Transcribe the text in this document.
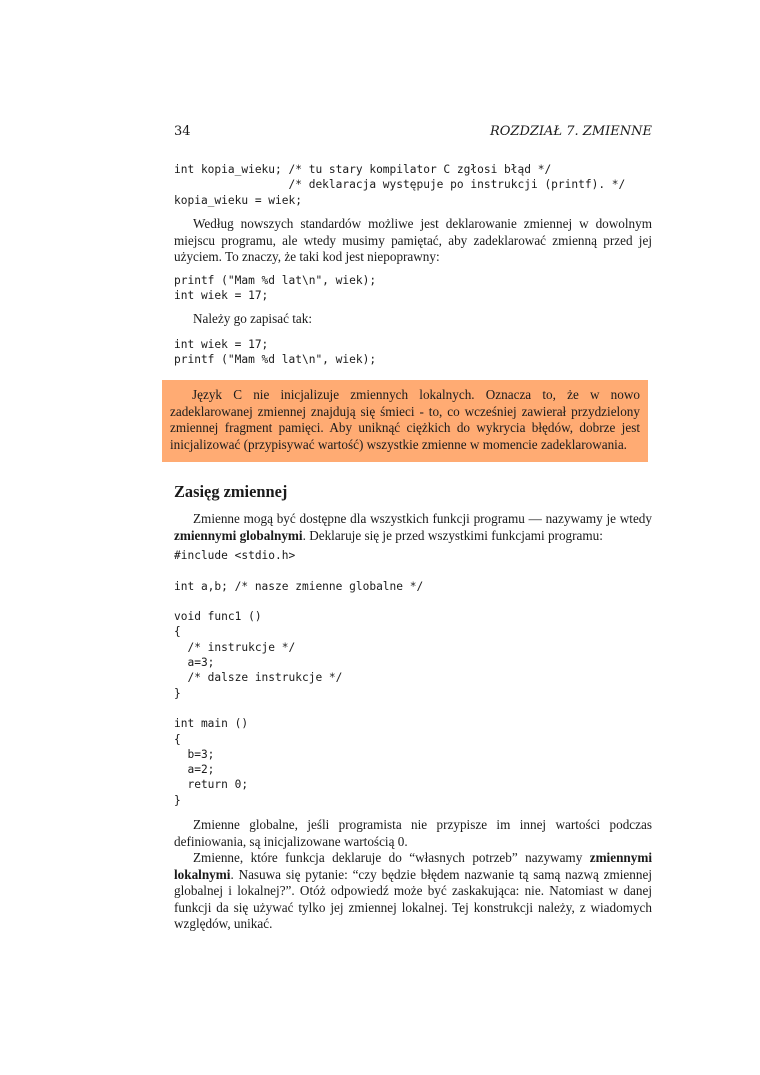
34	ROZDZIAŁ 7. ZMIENNE
int kopia_wieku; /* tu stary kompilator C zgłosi błąd */
/* deklaracja występuje po instrukcji (printf). */
kopia_wieku = wiek;

Według nowszych standardów możliwe jest deklarowanie zmiennej w dowolnym miejscu programu, ale wtedy musimy pamiętać, aby zadeklarować zmienną przed jej użyciem. To znaczy, że taki kod jest niepoprawny:

printf ("Mam %d lat\n", wiek);
int wiek = 17;

Należy go zapisać tak:

int wiek = 17;
printf ("Mam %d lat\n", wiek);

Język C nie inicjalizuje zmiennych lokalnych. Oznacza to, że w nowo zadeklarowanej zmiennej znajdują się śmieci - to, co wcześniej zawierał przydzielony zmiennej fragment pamięci. Aby uniknąć ciężkich do wykrycia błędów, dobrze jest inicjalizować (przypisywać wartość) wszystkie zmienne w momencie zadeklarowania.

Zasięg zmiennej

Zmienne mogą być dostępne dla wszystkich funkcji programu — nazywamy je wtedy zmiennymi globalnymi. Deklaruje się je przed wszystkimi funkcjami programu:

#include <stdio.h>

int a,b; /* nasze zmienne globalne */

void func1 ()
{
/* instrukcje */
a=3;
/* dalsze instrukcje */
}

int main ()
{
b=3;
a=2;
return 0;
}

Zmienne globalne, jeśli programista nie przypisze im innej wartości podczas definiowania, są inicjalizowane wartością 0.

Zmienne, które funkcja deklaruje do “własnych potrzeb” nazywamy zmiennymi lokalnymi. Nasuwa się pytanie: “czy będzie błędem nazwanie tą samą nazwą zmiennej globalnej i lokalnej?”. Otóż odpowiedź może być zaskakująca: nie. Natomiast w danej funkcji da się używać tylko jej zmiennej lokalnej. Tej konstrukcji należy, z wiadomych względów, unikać.
